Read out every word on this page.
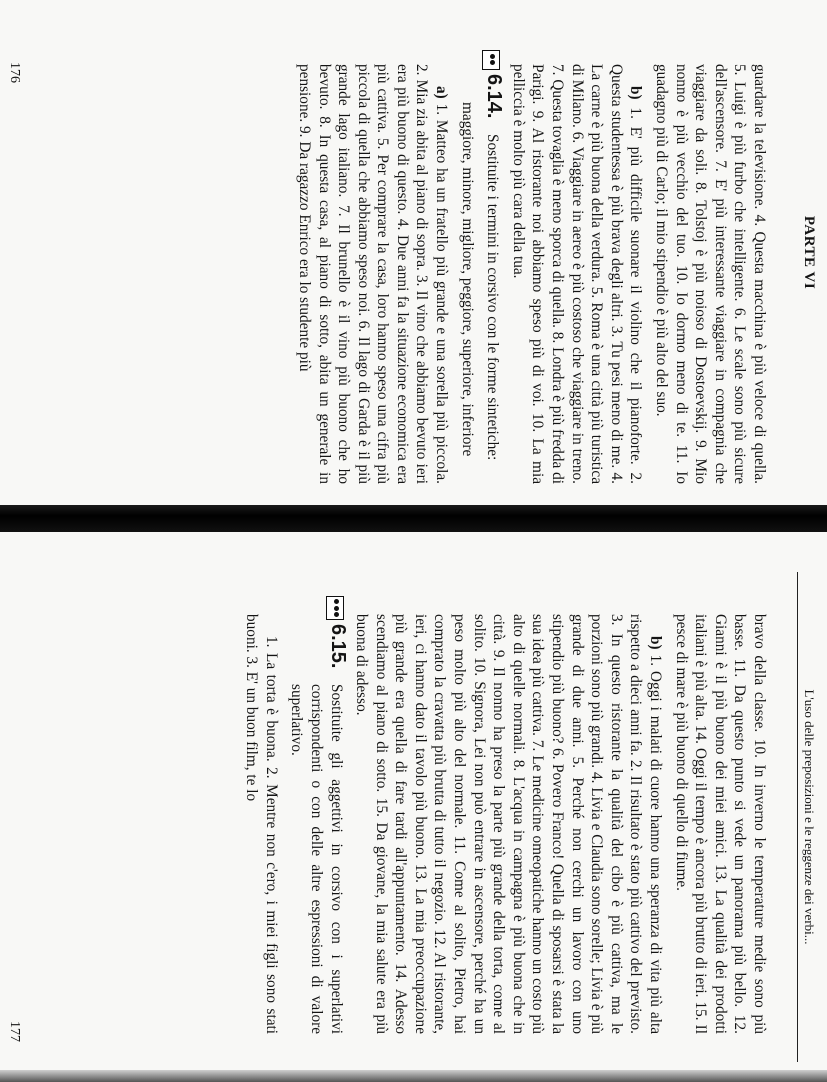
PARTE VI

guardare la televisione. 4. Questa macchina è più veloce di quella. 5. Luigi è più furbo che intelligente. 6. Le scale sono più sicure dell'ascensore. 7. E' più interessante viaggiare in compagnia che viaggiare da soli. 8. Tolstoj è più noioso di Dostoevskij. 9. Mio nonno è più vecchio del tuo. 10. Io dormo meno di te. 11. Io guadagno più di Carlo; il mio stipendio è più alto del suo.

b) 1. E' più difficile suonare il violino che il pianoforte. 2. Questa studentessa è più brava degli altri. 3. Tu pesi meno di me. 4. La carne è più buona della verdura. 5. Roma è una città più turistica di Milano. 6. Viaggiare in aereo è più costoso che viaggiare in treno. 7. Questa tovaglia è meno sporca di quella. 8. Londra è più fredda di Parigi. 9. Al ristorante noi abbiamo speso più di voi. 10. La mia pelliccia è molto più cara della tua.

6.14.
Sostituite i termini in corsivo con le forme sintetiche:

maggiore, minore, migliore, peggiore, superiore, inferiore

a) 1. Matteo ha un fratello più grande e una sorella più piccola. 2. Mia zia abita al piano di sopra. 3. Il vino che abbiamo bevuto ieri era più buono di questo. 4. Due anni fa la situazione economica era più cattiva. 5. Per comprare la casa, loro hanno speso una cifra più piccola di quella che abbiamo speso noi. 6. Il lago di Garda è il più grande lago italiano. 7. Il brunello è il vino più buono che ho bevuto. 8. In questa casa, al piano di sotto, abita un generale in pensione. 9. Da ragazzo Enrico era lo studente più

176
L'uso delle preposizioni e le reggenze dei verbi...

bravo della classe. 10. In inverno le temperature medie sono più basse. 11. Da questo punto si vede un panorama più bello. 12. Gianni è il più buono dei miei amici. 13. La qualità dei prodotti italiani è più alta. 14. Oggi il tempo è ancora più brutto di ieri. 15. Il pesce di mare è più buono di quello di fiume.

b) 1. Oggi i malati di cuore hanno una speranza di vita più alta rispetto a dieci anni fa. 2. Il risultato è stato più cattivo del previsto. 3. In questo ristorante la qualità del cibo è più cattiva, ma le porzioni sono più grandi. 4. Livia e Claudia sono sorelle; Livia è più grande di due anni. 5. Perché non cerchi un lavoro con uno stipendio più buono? 6. Povero Franco! Quella di sposarsi è stata la sua idea più cattiva. 7. Le medicine omeopatiche hanno un costo più alto di quelle normali. 8. L'acqua in campagna è più buona che in città. 9. Il nonno ha preso la parte più grande della torta, come al solito. 10. Signora, Lei non può entrare in ascensore, perché ha un peso molto più alto del normale. 11. Come al solito, Pietro, hai comprato la cravatta più brutta di tutto il negozio. 12. Al ristorante, ieri, ci hanno dato il tavolo più buono. 13. La mia preoccupazione più grande era quella di fare tardi all'appuntamento. 14. Adesso scendiamo al piano di sotto. 15. Da giovane, la mia salute era più buona di adesso.

6.15.
Sostituite gli aggettivi in corsivo con i superlativi corrispondenti o con delle altre espressioni di valore superlativo.

1. La torta è buona. 2. Mentre non c'ero, i miei figli sono stati buoni. 3. E' un buon film, te lo

177
